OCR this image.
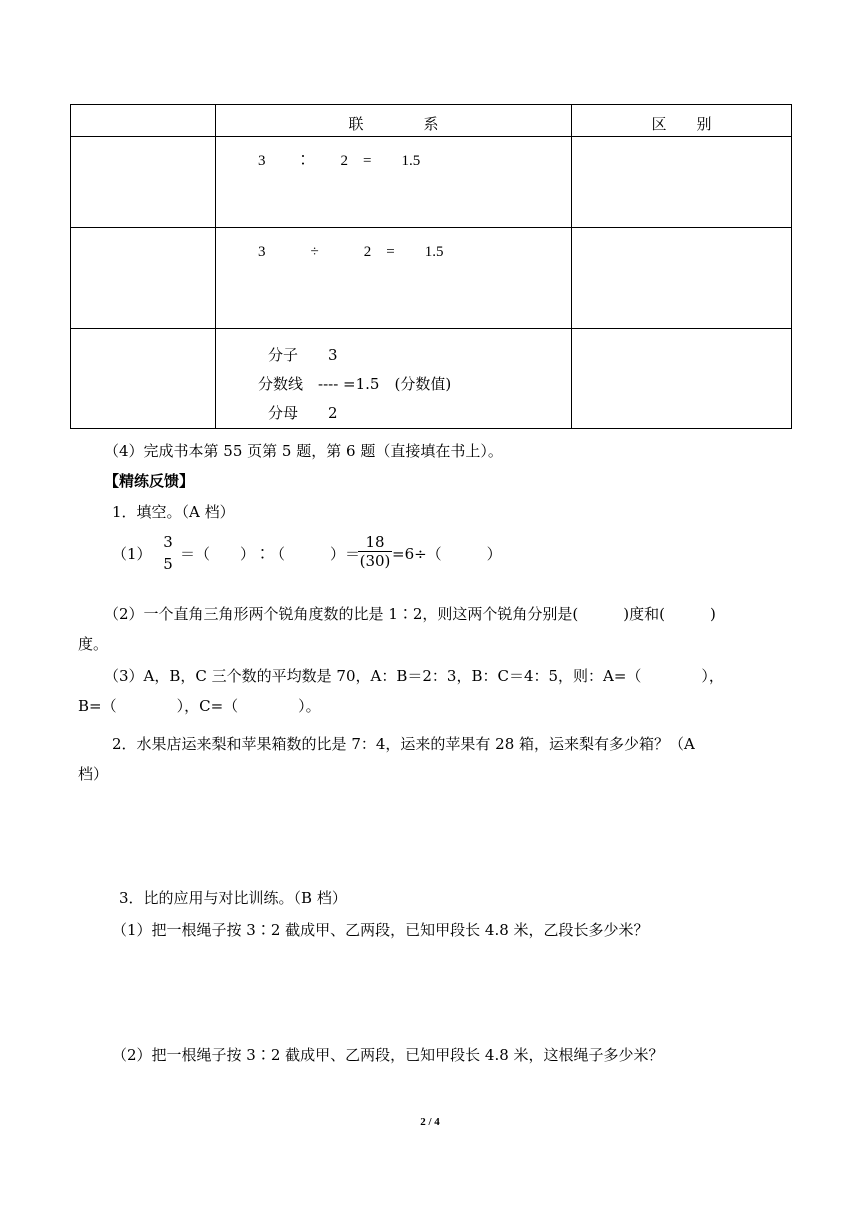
	联　　　　系	区　　别

	3　　∶　　2　=　　1.5	

	3　　　÷　　　2　=　　1.5	

	分子　　3
分数线　---- =1.5　(分数值)
分母　　2	

（4）完成书本第 55 页第 5 题，第 6 题（直接填在书上）。
【精练反馈】
1．填空。（A 档）
（1）
3
5
＝（　　）∶（　　　）＝
18
(30) =6÷（　　　）
（2）一个直角三角形两个锐角度数的比是 1∶2，则这两个锐角分别是(　　　)度和(　　　)
度。
（3）A，B，C 三个数的平均数是 70，A：B＝2：3，B：C＝4：5，则：A=（　　　　），
B=（　　　　），C=（　　　　）。
2．水果店运来梨和苹果箱数的比是 7：4，运来的苹果有 28 箱，运来梨有多少箱？（A
档）
3．比的应用与对比训练。（B 档）
（1）把一根绳子按 3∶2 截成甲、乙两段，已知甲段长 4.8 米，乙段长多少米？
（2）把一根绳子按 3∶2 截成甲、乙两段，已知甲段长 4.8 米，这根绳子多少米？
2 / 4
